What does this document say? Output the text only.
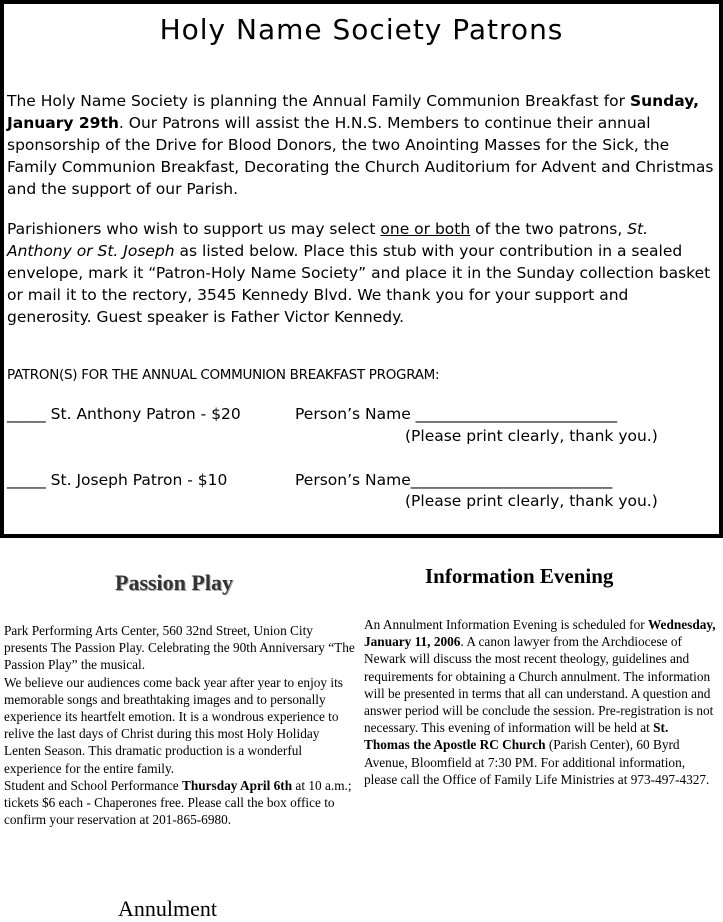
Holy Name Society Patrons
The Holy Name Society is planning the Annual Family Communion Breakfast for Sunday, January 29th. Our Patrons will assist the H.N.S. Members to continue their annual sponsorship of the Drive for Blood Donors, the two Anointing Masses for the Sick, the Family Communion Breakfast, Decorating the Church Auditorium for Advent and Christmas and the support of our Parish.
Parishioners who wish to support us may select one or both of the two patrons, St. Anthony or St. Joseph as listed below. Place this stub with your contribution in a sealed envelope, mark it “Patron-Holy Name Society” and place it in the Sunday collection basket or mail it to the rectory, 3545 Kennedy Blvd. We thank you for your support and generosity. Guest speaker is Father Victor Kennedy.
PATRON(S) FOR THE ANNUAL COMMUNION BREAKFAST PROGRAM:
_____ St. Anthony Patron - $20	Person’s Name __________________________
(Please print clearly, thank you.)
_____ St. Joseph Patron - $10	Person’s Name__________________________
(Please print clearly, thank you.)
Passion Play
Park Performing Arts Center, 560 32nd Street, Union City presents The Passion Play. Celebrating the 90th Anniversary “The Passion Play” the musical.
We believe our audiences come back year after year to enjoy its memorable songs and breathtaking images and to personally experience its heartfelt emotion. It is a wondrous experience to relive the last days of Christ during this most Holy Holiday Lenten Season. This dramatic production is a wonderful experience for the entire family.
Student and School Performance Thursday April 6th at 10 a.m.; tickets $6 each - Chaperones free. Please call the box office to confirm your reservation at 201-865-6980.
Annulment
Information Evening
An Annulment Information Evening is scheduled for Wednesday, January 11, 2006. A canon lawyer from the Archdiocese of Newark will discuss the most recent theology, guidelines and requirements for obtaining a Church annulment. The information will be presented in terms that all can understand. A question and answer period will be conclude the session. Pre-registration is not necessary. This evening of information will be held at St. Thomas the Apostle RC Church (Parish Center), 60 Byrd Avenue, Bloomfield at 7:30 PM. For additional information, please call the Office of Family Life Ministries at 973-497-4327.
